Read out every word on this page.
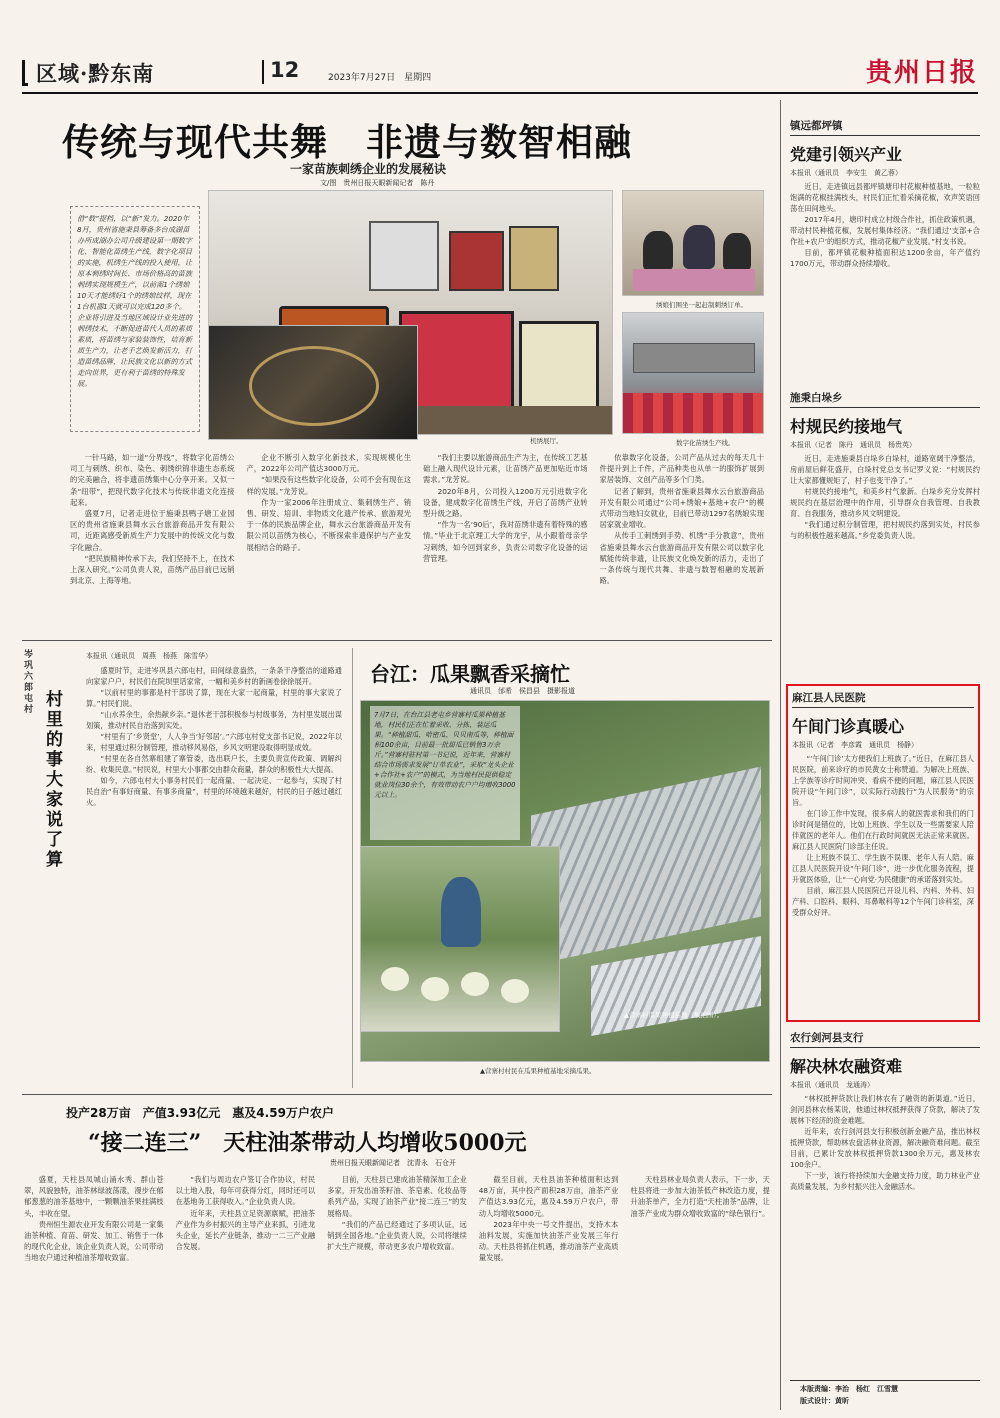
区域·黔东南	12	2023年7月27日　星期四	贵州日报
传统与现代共舞　非遗与数智相融
一家苗族刺绣企业的发展秘诀
文/图　贵州日报天眼新闻记者　陈丹
借“数”提档，以“新”发力。2020年8月，贵州省施秉县筹备多台成湖苗办所成湖办公司升级建设第一期数字化、智能化苗绣生产线，数字化项目的实施，机绣生产线的投入使用，让原本刺绣时间长、市场价格高的苗族刺绣实现规模生产，以前需1个绣娘10天才能绣好1个的绣娘纹样，现在1台机器1天就可以完成120多个。企业将引进及当地区域设计业先进的刺绣技术，不断促进苗代人员的素质素质，将苗绣与家装装饰性，培育新质生产力，让老手艺焕发新活力，打造苗绣品牌，让民族文化以新的方式走向世界，更有利于苗绣的特殊发展。
机绣展厅。
绣娘们围坐一起赶制刺绣订单。
数字化苗绣生产线。

一针马路，如一道“分界线”，将数字化苗绣公司工与刺绣、织布、染色、刺绣织锦非遗生态系统的完美融合，将非遗苗绣集中心分享开来。又似一条“纽带”，把现代数字化技术与传统非遗文化连接起来。

盛夏7月，记者走进位于施秉县鸭子塘工业园区的贵州省施秉县舞水云台旅游商品开发有限公司，近距离感受新质生产力发展中的传统文化与数字化融合。

“把民族精神传承下去，我们坚持不上，在技术上深入研究。”公司负责人说，苗绣产品目前已远销到北京、上海等地。

企业不断引入数字化新技术，实现规模化生产，2022年公司产值达3000万元。

“如果没有这些数字化设备，公司不会有现在这样的发展。”龙芳说。

作为一家2006年注册成立、集刺绣生产、销售、研发、培训、非物质文化遗产传承、旅游观光于一体的民族品牌企业，舞水云台旅游商品开发有限公司以苗绣为核心，不断探索非遗保护与产业发展相结合的路子。

“我们主要以旅游商品生产为主，在传统工艺基础上融入现代设计元素，让苗绣产品更加贴近市场需求。”龙芳说。

2020年8月，公司投入1200万元引进数字化设备，建成数字化苗绣生产线，开启了苗绣产业转型升级之路。

“作为一名‘90后’，我对苗绣非遗有着特殊的感情。”毕业于北京理工大学的龙宇，从小跟着母亲学习刺绣，如今回到家乡，负责公司数字化设备的运营管理。

依靠数字化设备，公司产品从过去的每天几十件提升到上千件，产品种类也从单一的服饰扩展到家居装饰、文创产品等多个门类。

记者了解到，贵州省施秉县舞水云台旅游商品开发有限公司通过“公司+绣娘+基地+农户”的模式带动当地妇女就业，目前已带动1297名绣娘实现居家就业增收。

从传手工刺绣到手势、机绣“手分教意”，贵州省施秉县舞水云台旅游商品开发有限公司以数字化赋能传统非遗，让民族文化焕发新的活力，走出了一条传统与现代共舞、非遗与数智相融的发展新路。

岑巩六郎屯村 村里的事　大家说了算
本报讯（通讯员　周燕　杨燕　陈雪华）

盛夏时节，走进岑巩县六郎屯村，田间绿意盎然，一条条干净整洁的道路通向家家户户，村民们在院坝里话家常，一幅和美乡村的新画卷徐徐展开。

“以前村里的事都是村干部说了算，现在大家一起商量，村里的事大家说了算。”村民们说。

“山水养余生，余热献乡亲。”退休老干部积极参与村级事务，为村里发展出谋划策，推动村民自治落到实处。

“村里有了‘乡贤堂’，人人争当‘好邻居’。”六郎屯村党支部书记说，2022年以来，村里通过积分制管理，推动移风易俗，乡风文明建设取得明显成效。

“村里在各自然寨组建了寨管委，选出联户长，主要负责宣传政策、调解纠纷、收集民意。”村民说，村里大小事都交由群众商量，群众的积极性大大提高。

如今，六郎屯村大小事务村民们一起商量、一起决定、一起参与，实现了村民自治“有事好商量、有事多商量”，村里的环境越来越好，村民的日子越过越红火。

台江：瓜果飘香采摘忙
通讯员　邰希　侯昌县　摄影报道
7月7日，在台江县老屯乡营寨村瓜果种植基地，村民们正在忙着采收、分拣、装运瓜果。“种植甜瓜、哈密瓜、贝贝南瓜等，种植面积100余亩，目前最一批甜瓜已销售3万余斤。”营寨村驻村第一书记说，近年来，营寨村结合市场需求发展“订单农业”，采取“龙头企业+合作社+农户”的模式，为当地村民提供稳定就业岗位30余个，有效带动农户户均增收3000元以上。
▲营寨村瓜果种植基地（航拍图）。
▲营寨村村民在瓜果种植基地采摘瓜果。
投产28万亩　产值3.93亿元　惠及4.59万户农户
“接二连三”　天柱油茶带动人均增收5000元
贵州日报天眼新闻记者　沈青永　石仓开

盛夏，天柱县凤城山涌水秀、群山苍翠，风貌独特，油茶林绿波荡漾，漫步在郁郁葱葱的油茶基地中，一颗颗油茶果挂满枝头，丰收在望。

贵州恒生源农业开发有限公司是一家集油茶种植、育苗、研发、加工、销售于一体的现代化企业，该企业负责人说，公司带动当地农户通过种植油茶增收致富。

“我们与周边农户签订合作协议，村民以土地入股，每年可获得分红，同时还可以在基地务工获得收入。”企业负责人说。

近年来，天柱县立足资源禀赋，把油茶产业作为乡村振兴的主导产业来抓，引进龙头企业，延长产业链条，推动一二三产业融合发展。

目前，天柱县已建成油茶精深加工企业多家，开发出油茶籽油、茶皂素、化妆品等系列产品，实现了油茶产业“接二连三”的发展格局。

“我们的产品已经通过了多项认证，远销到全国各地。”企业负责人说，公司将继续扩大生产规模，带动更多农户增收致富。

截至目前，天柱县油茶种植面积达到48万亩，其中投产面积28万亩，油茶产业产值达3.93亿元，惠及4.59万户农户，带动人均增收5000元。

2023年中央一号文件提出，支持木本油料发展，实施加快油茶产业发展三年行动。天柱县将抓住机遇，推动油茶产业高质量发展。

天柱县林业局负责人表示，下一步，天柱县将进一步加大油茶低产林改造力度，提升油茶单产，全力打造“天柱油茶”品牌，让油茶产业成为群众增收致富的“绿色银行”。

镇远都坪镇
党建引领兴产业
本报讯（通讯员　李安生　黄乙蓉）

近日，走进镇远县都坪镇塘印村花椒种植基地，一粒粒饱满的花椒挂满枝头，村民们正忙着采摘花椒，欢声笑语回荡在田间地头。

2017年4月，塘印村成立村级合作社，抓住政策机遇，带动村民种植花椒，发展村集体经济。“我们通过‘支部+合作社+农户’的组织方式，推动花椒产业发展。”村支书说。

目前，都坪镇花椒种植面积达1200余亩，年产值约1700万元，带动群众持续增收。

施秉白垛乡
村规民约接地气
本报讯（记者　陈丹　通讯员　杨贵英）

近日，走进施秉县白垛乡白垛村，道路宽阔干净整洁，房前屋后鲜花盛开，白垛村党总支书记罗义说：“村规民约让大家都懂规矩了，村子也变干净了。”

村规民约接地气，和美乡村气象新。白垛乡充分发挥村规民约在基层治理中的作用，引导群众自我管理、自我教育、自我服务，推动乡风文明建设。

“我们通过积分制管理，把村规民约落到实处，村民参与的积极性越来越高。”乡党委负责人说。

麻江县人民医院
午间门诊真暖心
本报讯（记者　李彦霞　通讯员　杨静）

“‘午间门诊’太方便我们上班族了。”近日，在麻江县人民医院，前来诊疗的市民黄女士称赞道。为解决上班族、上学族等诊疗时间冲突、看病不便的问题，麻江县人民医院开设“午间门诊”，以实际行动践行“为人民服务”的宗旨。

在门诊工作中发现，很多病人的就医需求和我们的门诊时间是错位的，比如上班族、学生以及一些需要家人陪伴就医的老年人。他们在行政时间就医无法正常来就医。麻江县人民医院门诊部主任说。

让上班族不误工、学生族不误课、老年人有人陪。麻江县人民医院开设“午间门诊”，进一步优化服务流程，提升就医体验，让“一心向党·为民健康”的承诺落到实处。

目前，麻江县人民医院已开设儿科、内科、外科、妇产科、口腔科、眼科、耳鼻喉科等12个午间门诊科室，深受群众好评。

农行剑河县支行
解决林农融资难
本报讯（通讯员　龙通涛）

“林权抵押贷款让我们林农有了融资的新渠道。”近日，剑河县林农杨某说，他通过林权抵押获得了贷款，解决了发展林下经济的资金难题。

近年来，农行剑河县支行积极创新金融产品，推出林权抵押贷款，帮助林农盘活林业资源，解决融资难问题。截至目前，已累计发放林权抵押贷款1300余万元，惠及林农100余户。

下一步，该行将持续加大金融支持力度，助力林业产业高质量发展，为乡村振兴注入金融活水。

本版责编：李治　杨红　江雪慧
版式设计：黄昕
